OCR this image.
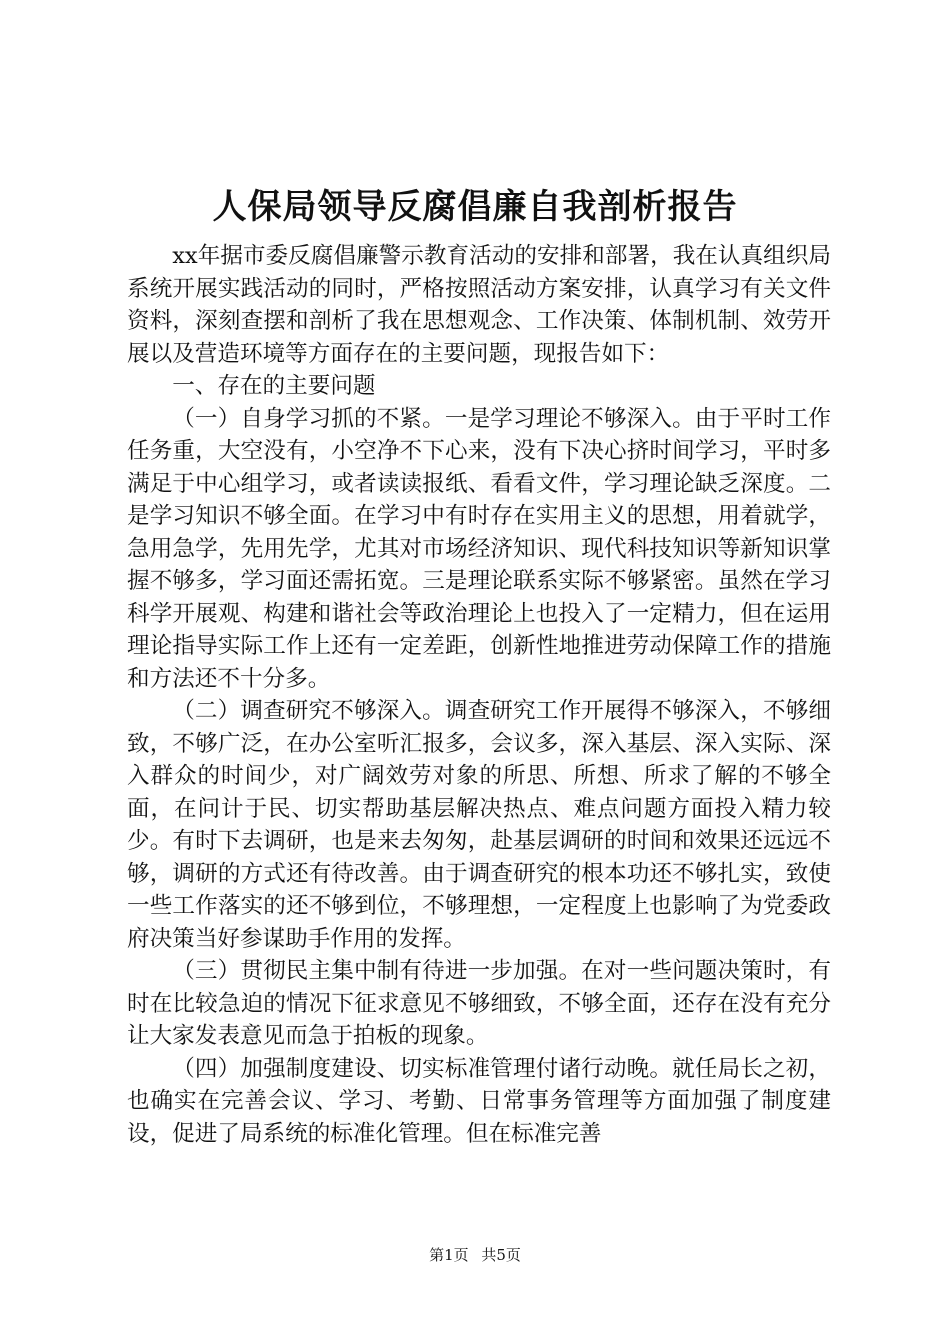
人保局领导反腐倡廉自我剖析报告

xx年据市委反腐倡廉警示教育活动的安排和部署，我在认真组织局系统开展实践活动的同时，严格按照活动方案安排，认真学习有关文件资料，深刻查摆和剖析了我在思想观念、工作决策、体制机制、效劳开展以及营造环境等方面存在的主要问题，现报告如下：

一、存在的主要问题

（一）自身学习抓的不紧。一是学习理论不够深入。由于平时工作任务重，大空没有，小空净不下心来，没有下决心挤时间学习，平时多满足于中心组学习，或者读读报纸、看看文件，学习理论缺乏深度。二是学习知识不够全面。在学习中有时存在实用主义的思想，用着就学，急用急学，先用先学，尤其对市场经济知识、现代科技知识等新知识掌握不够多，学习面还需拓宽。三是理论联系实际不够紧密。虽然在学习科学开展观、构建和谐社会等政治理论上也投入了一定精力，但在运用理论指导实际工作上还有一定差距，创新性地推进劳动保障工作的措施和方法还不十分多。

（二）调查研究不够深入。调查研究工作开展得不够深入，不够细致，不够广泛，在办公室听汇报多，会议多，深入基层、深入实际、深入群众的时间少，对广阔效劳对象的所思、所想、所求了解的不够全面，在问计于民、切实帮助基层解决热点、难点问题方面投入精力较少。有时下去调研，也是来去匆匆，赴基层调研的时间和效果还远远不够，调研的方式还有待改善。由于调查研究的根本功还不够扎实，致使一些工作落实的还不够到位，不够理想，一定程度上也影响了为党委政府决策当好参谋助手作用的发挥。

（三）贯彻民主集中制有待进一步加强。在对一些问题决策时，有时在比较急迫的情况下征求意见不够细致，不够全面，还存在没有充分让大家发表意见而急于拍板的现象。

（四）加强制度建设、切实标准管理付诸行动晚。就任局长之初，也确实在完善会议、学习、考勤、日常事务管理等方面加强了制度建设，促进了局系统的标准化管理。但在标准完善

第1页 共5页
